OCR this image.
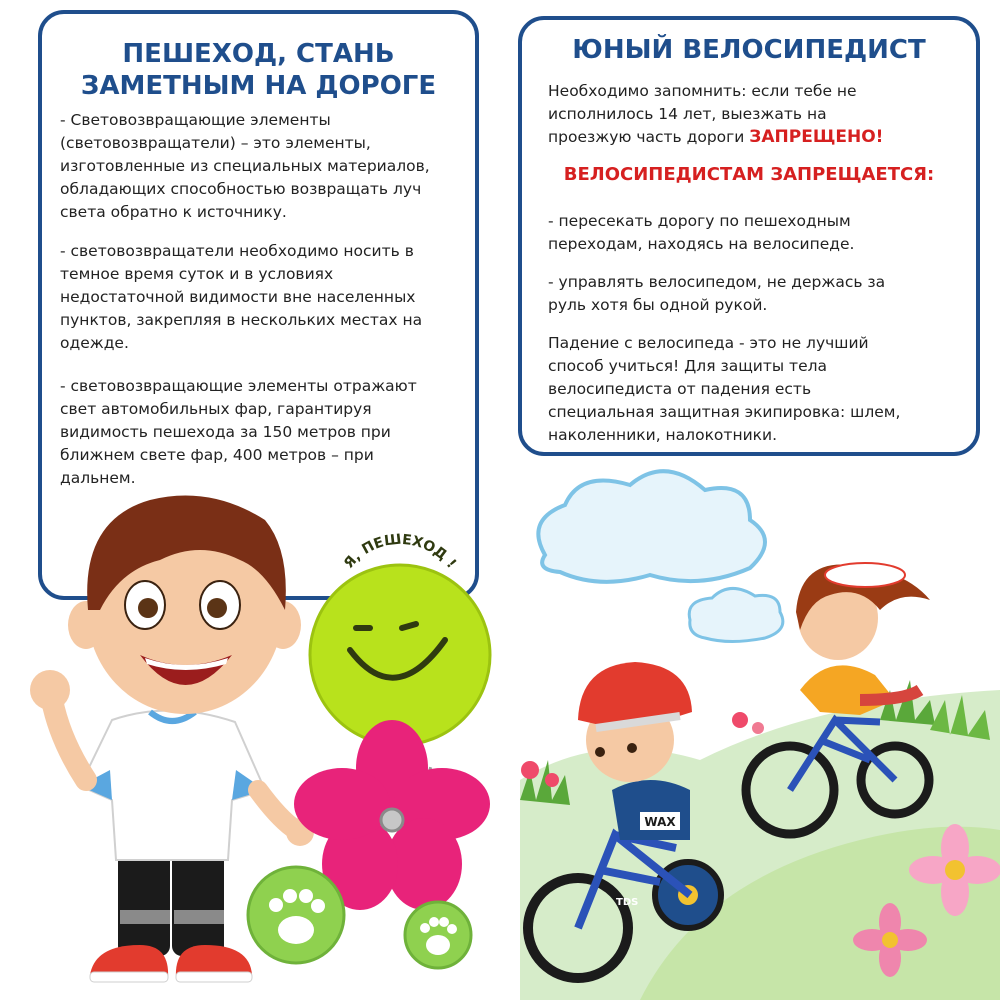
ПЕШЕХОД, СТАНЬ
ЗАМЕТНЫМ НА ДОРОГЕ
- Световозвращающие элементы
(световозвращатели) – это элементы,
изготовленные из специальных материалов,
обладающих способностью возвращать луч
света обратно к источнику.
- световозвращатели необходимо носить в
темное время суток и в условиях
недостаточной видимости вне населенных
пунктов, закрепляя в нескольких местах на
одежде.
- световозвращающие элементы отражают
свет автомобильных фар, гарантируя
видимость пешехода за 150 метров при
ближнем свете фар, 400 метров – при
дальнем.
ЮНЫЙ ВЕЛОСИПЕДИСТ
Необходимо запомнить: если тебе не
исполнилось 14 лет, выезжать на
проезжую часть дороги ЗАПРЕЩЕНО!
ВЕЛОСИПЕДИСТАМ ЗАПРЕЩАЕТСЯ:
- пересекать дорогу по пешеходным
переходам, находясь на велосипеде.
- управлять велосипедом, не держась за
руль хотя бы одной рукой.
Падение с велосипеда - это не лучший
способ учиться! Для защиты тела
велосипедиста от падения есть
специальная защитная экипировка: шлем,
наколенники, налокотники.
Я, ПЕШЕХОД !
WAX
TDS
